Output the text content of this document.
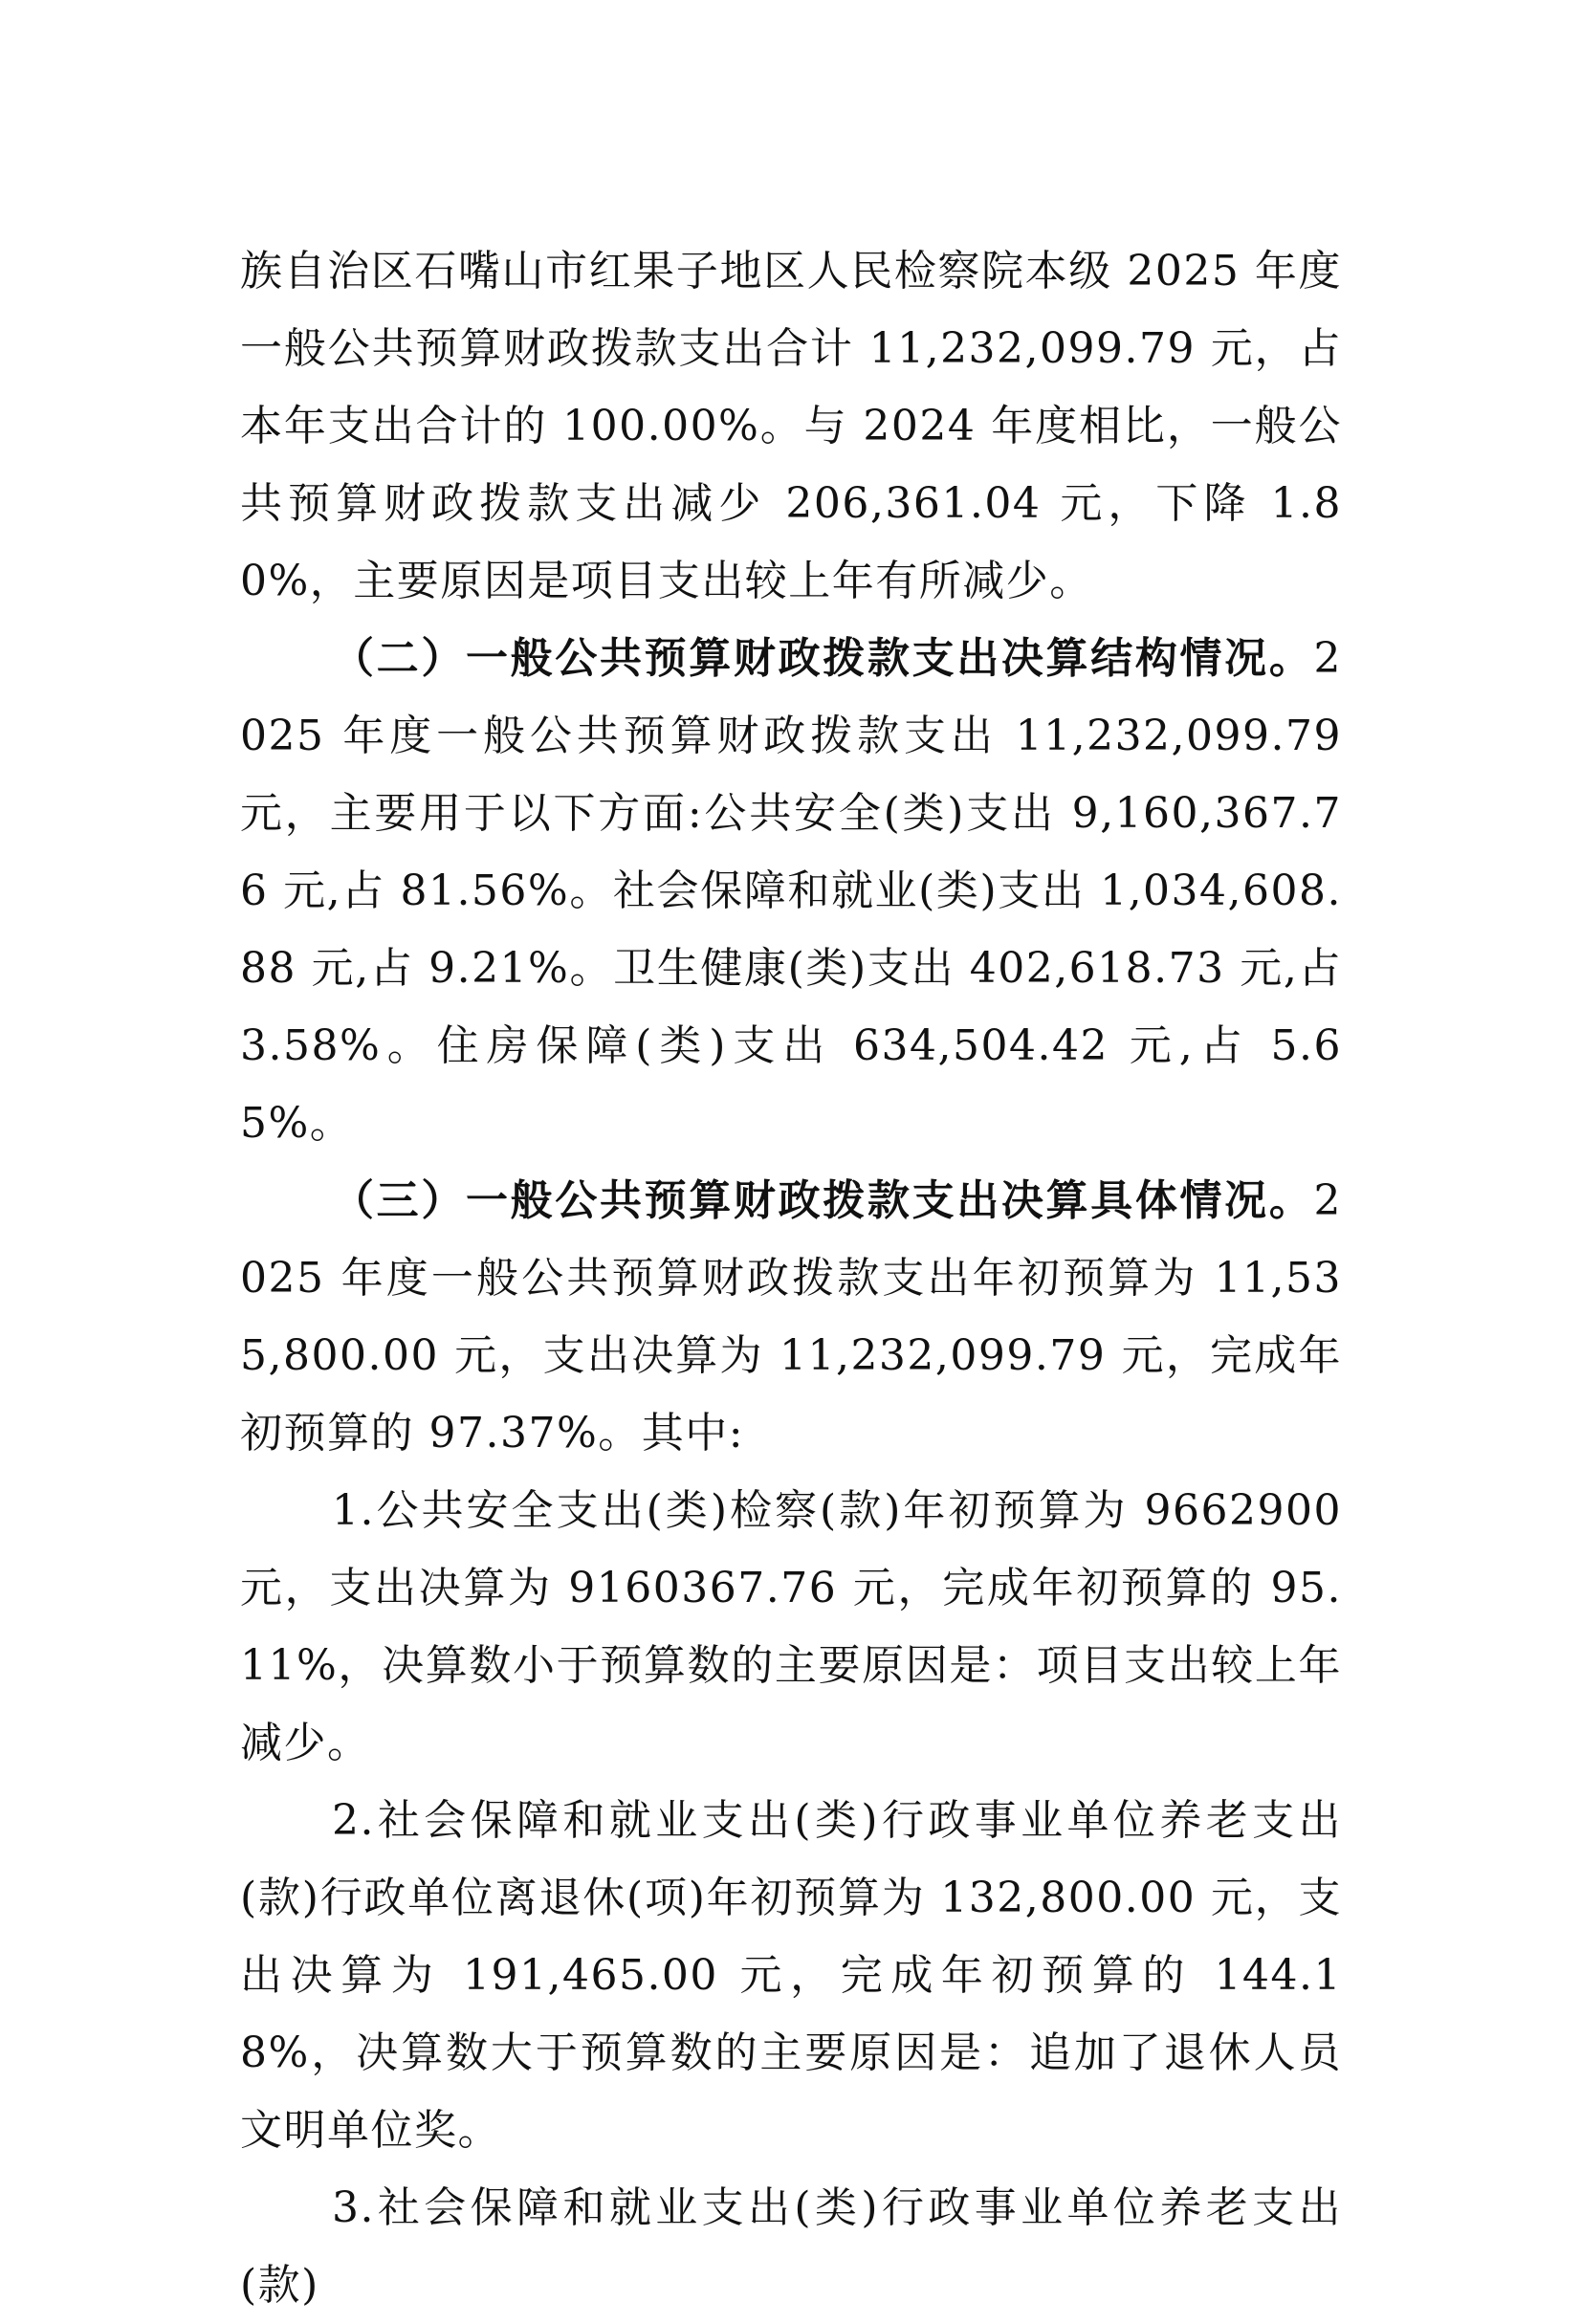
族自治区石嘴山市红果子地区人民检察院本级 2025 年度一般公共预算财政拨款支出合计 11,232,099.79 元，占本年支出合计的 100.00%。与 2024 年度相比，一般公共预算财政拨款支出减少 206,361.04 元，下降 1.80%，主要原因是项目支出较上年有所减少。

（二）一般公共预算财政拨款支出决算结构情况。2025 年度一般公共预算财政拨款支出 11,232,099.79 元，主要用于以下方面:公共安全(类)支出 9,160,367.76 元,占 81.56%。社会保障和就业(类)支出 1,034,608.88 元,占 9.21%。卫生健康(类)支出 402,618.73 元,占 3.58%。住房保障(类)支出 634,504.42 元,占 5.65%。

（三）一般公共预算财政拨款支出决算具体情况。2025 年度一般公共预算财政拨款支出年初预算为 11,535,800.00 元，支出决算为 11,232,099.79 元，完成年初预算的 97.37%。其中:

1.公共安全支出(类)检察(款)年初预算为 9662900 元，支出决算为 9160367.76 元，完成年初预算的 95.11%，决算数小于预算数的主要原因是：项目支出较上年减少。

2.社会保障和就业支出(类)行政事业单位养老支出(款)行政单位离退休(项)年初预算为 132,800.00 元，支出决算为 191,465.00 元，完成年初预算的 144.18%，决算数大于预算数的主要原因是：追加了退休人员文明单位奖。

3.社会保障和就业支出(类)行政事业单位养老支出(款)
